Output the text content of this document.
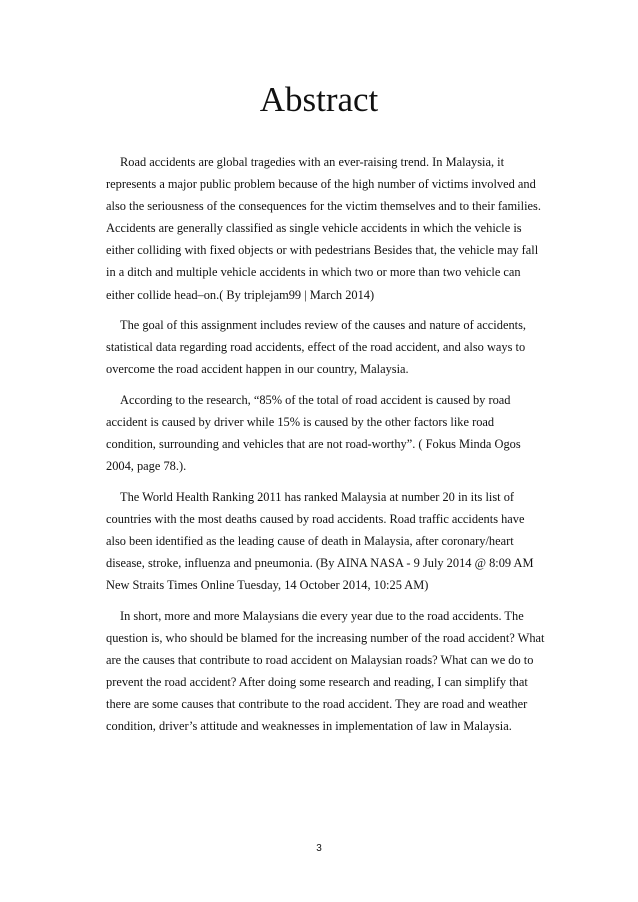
Abstract

Road accidents are global tragedies with an ever-raising trend. In Malaysia, it
represents a major public problem because of the high number of victims involved and
also the seriousness of the consequences for the victim themselves and to their families.
Accidents are generally classified as single vehicle accidents in which the vehicle is
either colliding with fixed objects or with pedestrians Besides that, the vehicle may fall
in a ditch and multiple vehicle accidents in which two or more than two vehicle can
either collide head–on.( By triplejam99 | March 2014)

The goal of this assignment includes review of the causes and nature of accidents,
statistical data regarding road accidents, effect of the road accident, and also ways to
overcome the road accident happen in our country, Malaysia.

According to the research, “85% of the total of road accident is caused by road
accident is caused by driver while 15% is caused by the other factors like road
condition, surrounding and vehicles that are not road-worthy”. ( Fokus Minda Ogos
2004, page 78.).

The World Health Ranking 2011 has ranked Malaysia at number 20 in its list of
countries with the most deaths caused by road accidents. Road traffic accidents have
also been identified as the leading cause of death in Malaysia, after coronary/heart
disease, stroke, influenza and pneumonia. (By AINA NASA - 9 July 2014 @ 8:09 AM
New Straits Times Online Tuesday, 14 October 2014, 10:25 AM)

In short, more and more Malaysians die every year due to the road accidents. The
question is, who should be blamed for the increasing number of the road accident? What
are the causes that contribute to road accident on Malaysian roads? What can we do to
prevent the road accident? After doing some research and reading, I can simplify that
there are some causes that contribute to the road accident. They are road and weather
condition, driver’s attitude and weaknesses in implementation of law in Malaysia.

3
